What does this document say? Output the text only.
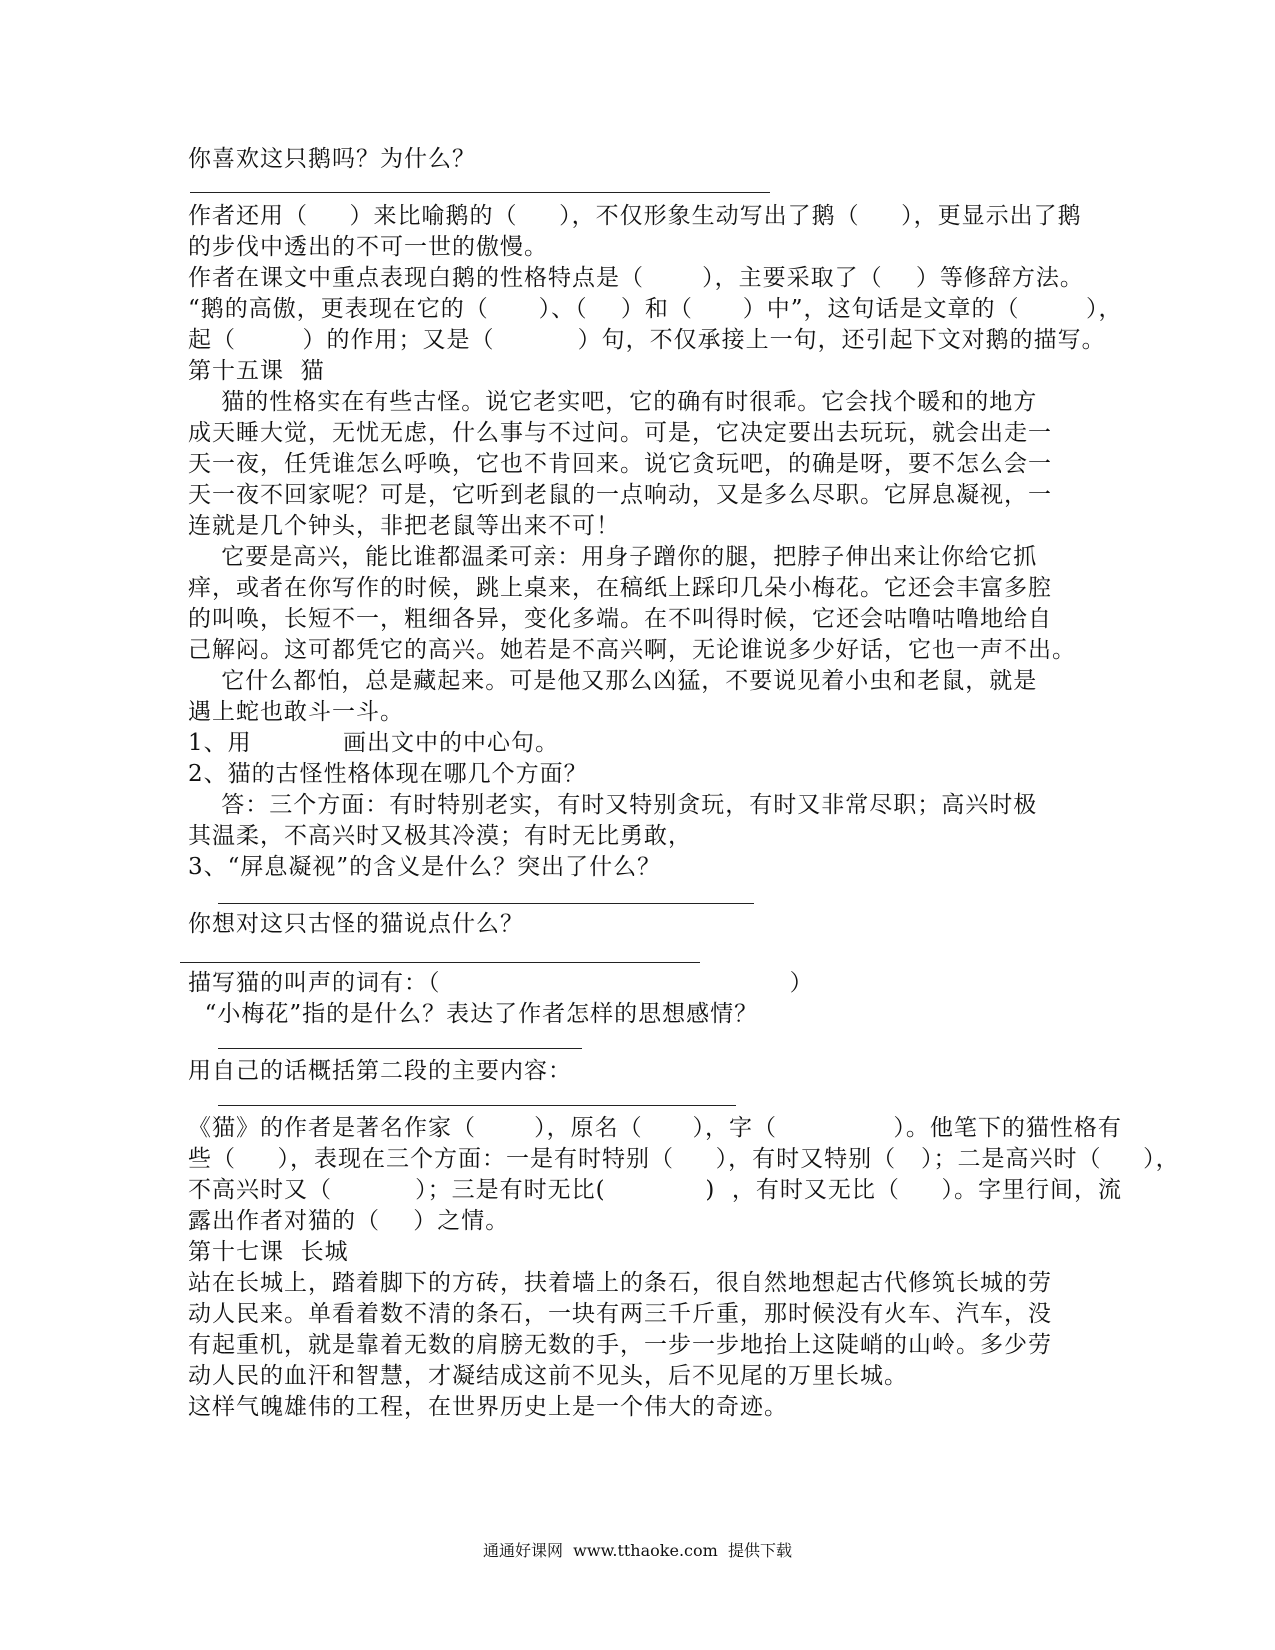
你喜欢这只鹅吗？为什么？
作者还用（     ）来比喻鹅的（     ），不仅形象生动写出了鹅（     ），更显示出了鹅
的步伐中透出的不可一世的傲慢。
作者在课文中重点表现白鹅的性格特点是（       ），主要采取了（    ）等修辞方法。
“鹅的高傲，更表现在它的（      ）、（    ）和（      ）中”，这句话是文章的（        ），
起（        ）的作用；又是（          ）句，不仅承接上一句，还引起下文对鹅的描写。
第十五课  猫
猫的性格实在有些古怪。说它老实吧，它的确有时很乖。它会找个暖和的地方
成天睡大觉，无忧无虑，什么事与不过问。可是，它决定要出去玩玩，就会出走一
天一夜，任凭谁怎么呼唤，它也不肯回来。说它贪玩吧，的确是呀，要不怎么会一
天一夜不回家呢？可是，它听到老鼠的一点响动，又是多么尽职。它屏息凝视，一
连就是几个钟头，非把老鼠等出来不可！
它要是高兴，能比谁都温柔可亲：用身子蹭你的腿，把脖子伸出来让你给它抓
痒，或者在你写作的时候，跳上桌来，在稿纸上踩印几朵小梅花。它还会丰富多腔
的叫唤，长短不一，粗细各异，变化多端。在不叫得时候，它还会咕噜咕噜地给自
己解闷。这可都凭它的高兴。她若是不高兴啊，无论谁说多少好话，它也一声不出。
它什么都怕，总是藏起来。可是他又那么凶猛，不要说见着小虫和老鼠，就是
遇上蛇也敢斗一斗。
1、用           画出文中的中心句。
2、猫的古怪性格体现在哪几个方面？
答：三个方面：有时特别老实，有时又特别贪玩，有时又非常尽职；高兴时极
其温柔，不高兴时又极其冷漠；有时无比勇敢，
3、“屏息凝视”的含义是什么？突出了什么？
你想对这只古怪的猫说点什么？
描写猫的叫声的词有：（                                          ）
“小梅花”指的是什么？表达了作者怎样的思想感情？
用自己的话概括第二段的主要内容：
《猫》的作者是著名作家（       ），原名（      ），字（              ）。他笔下的猫性格有
些（     ），表现在三个方面：一是有时特别（     ），有时又特别（   ）；二是高兴时（     ），
不高兴时又（          ）；三是有时无比(            )  ，有时又无比（     ）。字里行间，流
露出作者对猫的（    ）之情。
第十七课  长城
站在长城上，踏着脚下的方砖，扶着墙上的条石，很自然地想起古代修筑长城的劳
动人民来。单看着数不清的条石，一块有两三千斤重，那时候没有火车、汽车，没
有起重机，就是靠着无数的肩膀无数的手，一步一步地抬上这陡峭的山岭。多少劳
动人民的血汗和智慧，才凝结成这前不见头，后不见尾的万里长城。
这样气魄雄伟的工程，在世界历史上是一个伟大的奇迹。
通通好课网  www.tthaoke.com  提供下载
